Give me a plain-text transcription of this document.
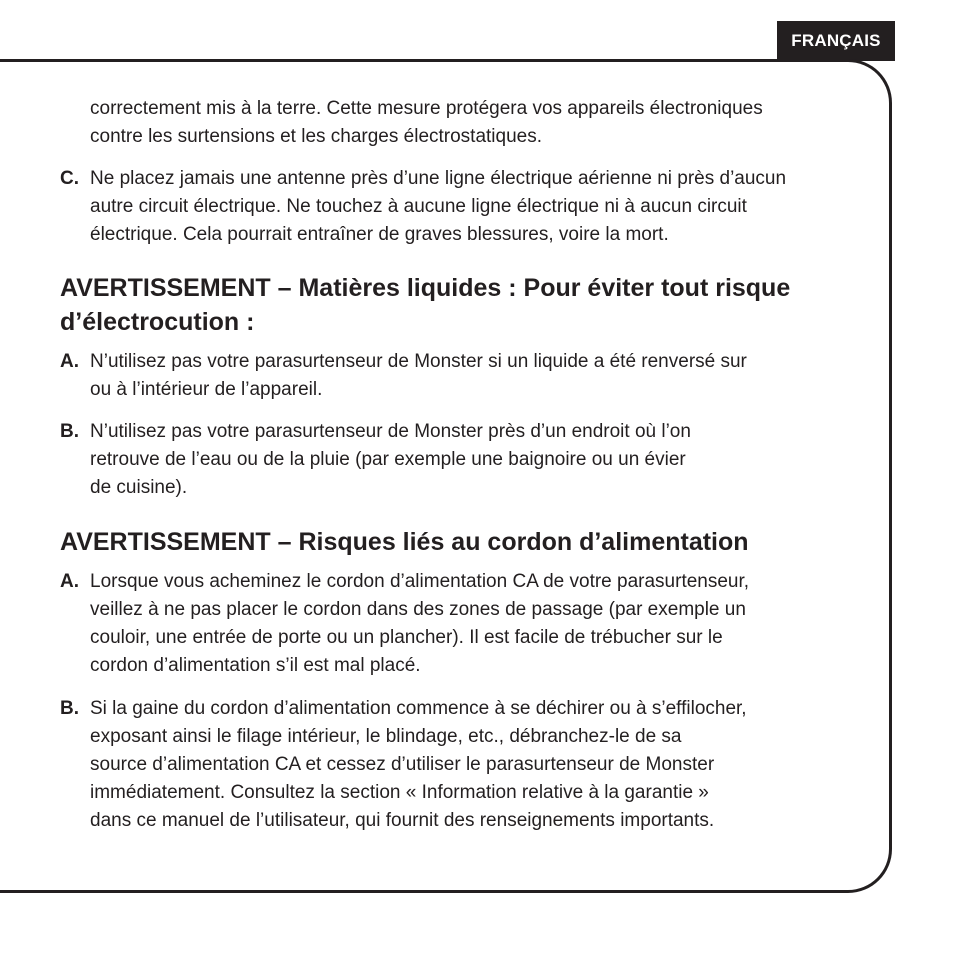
FRANÇAIS
correctement mis à la terre. Cette mesure protégera vos appareils électroniques
contre les surtensions et les charges électrostatiques.
C. Ne placez jamais une antenne près d’une ligne électrique aérienne ni près d’aucun
autre circuit électrique. Ne touchez à aucune ligne électrique ni à aucun circuit
électrique. Cela pourrait entraîner de graves blessures, voire la mort.
AVERTISSEMENT – Matières liquides : Pour éviter tout risque
d’électrocution :
A. N’utilisez pas votre parasurtenseur de Monster si un liquide a été renversé sur
ou à l’intérieur de l’appareil.
B. N’utilisez pas votre parasurtenseur de Monster près d’un endroit où l’on
retrouve de l’eau ou de la pluie (par exemple une baignoire ou un évier
de cuisine).
AVERTISSEMENT – Risques liés au cordon d’alimentation
A. Lorsque vous acheminez le cordon d’alimentation CA de votre parasurtenseur,
veillez à ne pas placer le cordon dans des zones de passage (par exemple un
couloir, une entrée de porte ou un plancher). Il est facile de trébucher sur le
cordon d’alimentation s’il est mal placé.
B. Si la gaine du cordon d’alimentation commence à se déchirer ou à s’effilocher,
exposant ainsi le filage intérieur, le blindage, etc., débranchez-le de sa
source d’alimentation CA et cessez d’utiliser le parasurtenseur de Monster
immédiatement. Consultez la section « Information relative à la garantie »
dans ce manuel de l’utilisateur, qui fournit des renseignements importants.
